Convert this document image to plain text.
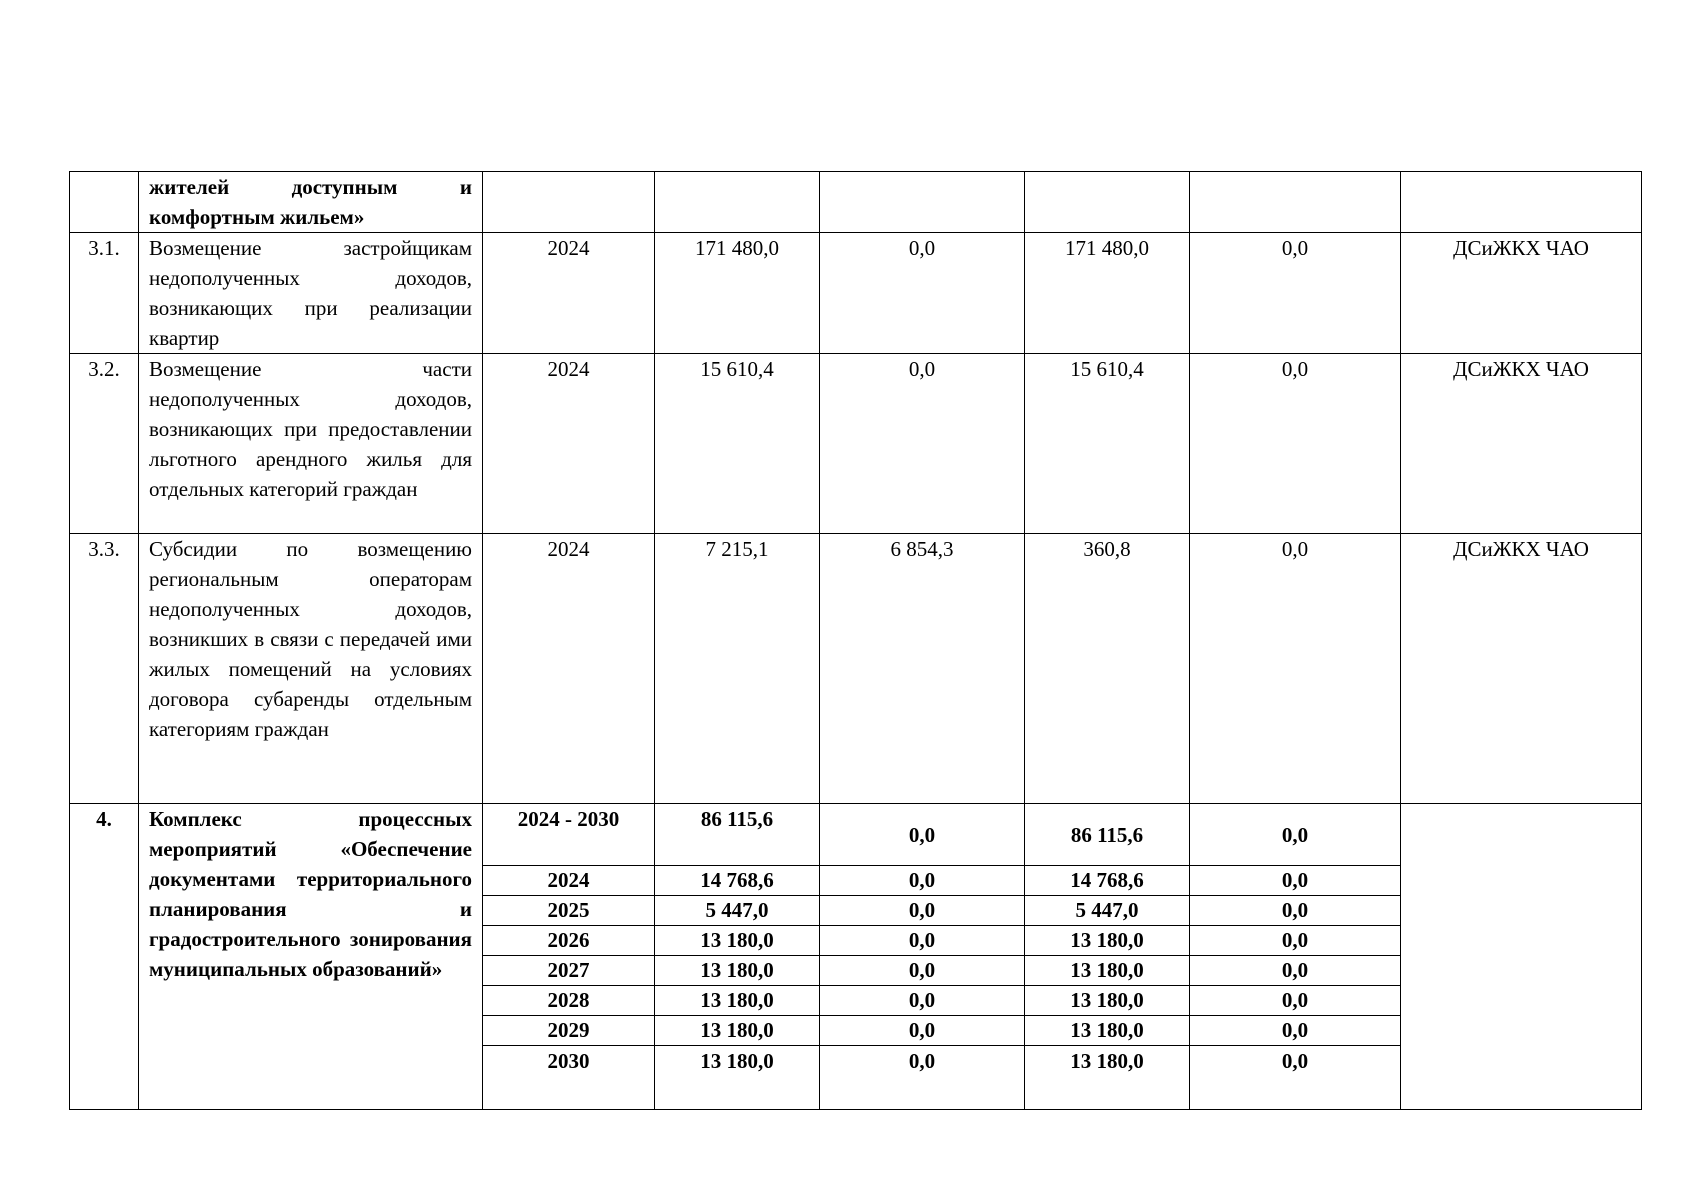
	жителей доступным и
комфортным жильем»						

3.1.	Возмещение застройщикам недополученных доходов, возникающих при реализации квартир	2024	171 480,0	0,0	171 480,0	0,0	ДСиЖКХ ЧАО
3.2.	Возмещение части недополученных доходов, возникающих при предоставлении льготного арендного жилья для отдельных категорий граждан	2024	15 610,4	0,0	15 610,4	0,0	ДСиЖКХ ЧАО
3.3.	Субсидии по возмещению региональным операторам недополученных доходов, возникших в связи с передачей ими жилых помещений на условиях договора субаренды отдельным категориям граждан	2024	7 215,1	6 854,3	360,8	0,0	ДСиЖКХ ЧАО
4.	Комплекс процессных мероприятий «Обеспечение документами территориального планирования и градостроительного зонирования муниципальных образований»	2024 - 2030	86 115,6	0,0	86 115,6	0,0	
		2024	14 768,6	0,0	14 768,6	0,0	
		2025	5 447,0	0,0	5 447,0	0,0	
		2026	13 180,0	0,0	13 180,0	0,0	
		2027	13 180,0	0,0	13 180,0	0,0	
		2028	13 180,0	0,0	13 180,0	0,0	
		2029	13 180,0	0,0	13 180,0	0,0	
		2030	13 180,0	0,0	13 180,0	0,0	
